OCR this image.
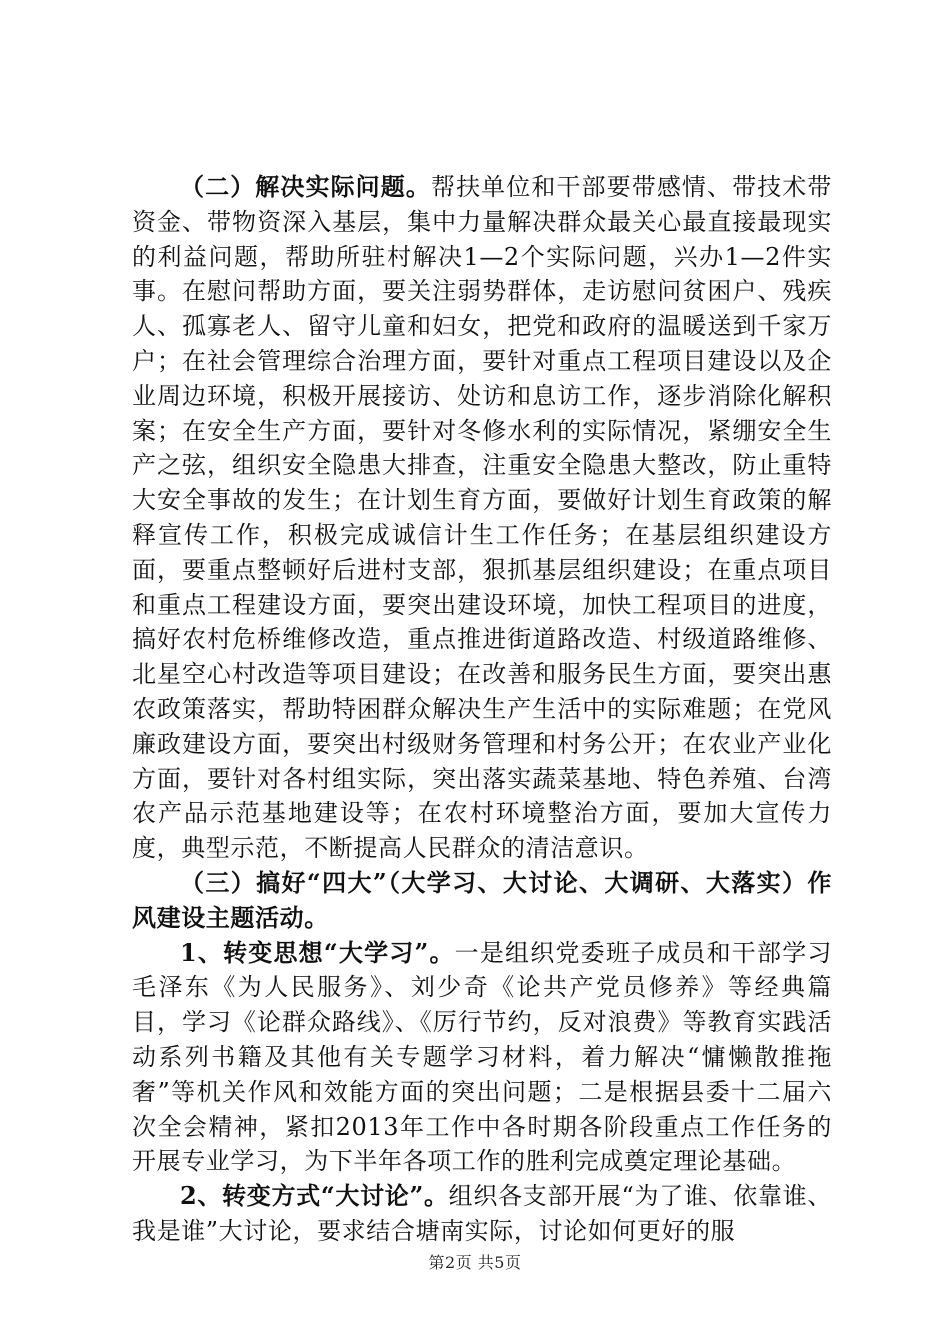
（二）解决实际问题。帮扶单位和干部要带感情、带技术带资金、带物资深入基层，集中力量解决群众最关心最直接最现实的利益问题，帮助所驻村解决1—2个实际问题，兴办1—2件实事。在慰问帮助方面，要关注弱势群体，走访慰问贫困户、残疾人、孤寡老人、留守儿童和妇女，把党和政府的温暖送到千家万户；在社会管理综合治理方面，要针对重点工程项目建设以及企业周边环境，积极开展接访、处访和息访工作，逐步消除化解积案；在安全生产方面，要针对冬修水利的实际情况，紧绷安全生产之弦，组织安全隐患大排查，注重安全隐患大整改，防止重特大安全事故的发生；在计划生育方面，要做好计划生育政策的解释宣传工作，积极完成诚信计生工作任务；在基层组织建设方面，要重点整顿好后进村支部，狠抓基层组织建设；在重点项目和重点工程建设方面，要突出建设环境，加快工程项目的进度，搞好农村危桥维修改造，重点推进街道路改造、村级道路维修、北星空心村改造等项目建设；在改善和服务民生方面，要突出惠农政策落实，帮助特困群众解决生产生活中的实际难题；在党风廉政建设方面，要突出村级财务管理和村务公开；在农业产业化方面，要针对各村组实际，突出落实蔬菜基地、特色养殖、台湾农产品示范基地建设等；在农村环境整治方面，要加大宣传力度，典型示范，不断提高人民群众的清洁意识。

（三）搞好“四大”（大学习、大讨论、大调研、大落实）作风建设主题活动。

1、转变思想“大学习”。一是组织党委班子成员和干部学习毛泽东《为人民服务》、刘少奇《论共产党员修养》等经典篇目，学习《论群众路线》、《厉行节约，反对浪费》等教育实践活动系列书籍及其他有关专题学习材料，着力解决“慵懒散推拖奢”等机关作风和效能方面的突出问题；二是根据县委十二届六次全会精神，紧扣2013年工作中各时期各阶段重点工作任务的开展专业学习，为下半年各项工作的胜利完成奠定理论基础。

2、转变方式“大讨论”。组织各支部开展“为了谁、依靠谁、我是谁”大讨论，要求结合塘南实际，讨论如何更好的服

第2页 共5页
